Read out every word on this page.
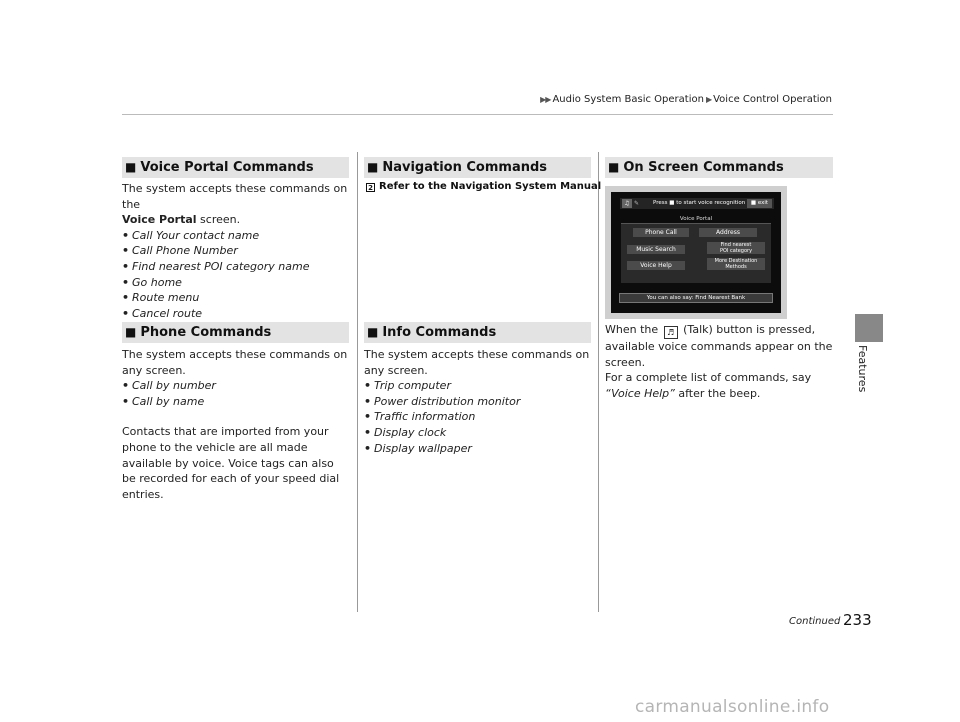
▶▶ Audio System Basic Operation ▶ Voice Control Operation
Features
■ Voice Portal Commands

The system accepts these commands on the
Voice Portal screen.

• Call Your contact name
• Call Phone Number
• Find nearest POI category name
• Go home
• Route menu
• Cancel route
■ Phone Commands

The system accepts these commands on any screen.

• Call by number
• Call by name

Contacts that are imported from your phone to the vehicle are all made available by voice. Voice tags can also be recorded for each of your speed dial entries.

■ Navigation Commands
2 Refer to the Navigation System Manual
■ Info Commands

The system accepts these commands on any screen.

• Trip computer
• Power distribution monitor
• Traffic information
• Display clock
• Display wallpaper
■ On Screen Commands
♫ ✎	Press ■ to start voice recognition	■ exit
Voice Portal
Phone Call	Address
Music Search
Find nearest
POI category
Voice Help
More Destination
Methods
You can also say: Find Nearest Bank

When the ♬ (Talk) button is pressed, available voice commands appear on the screen.

For a complete list of commands, say “Voice Help” after the beep.

Continued 233
carmanualsonline.info
